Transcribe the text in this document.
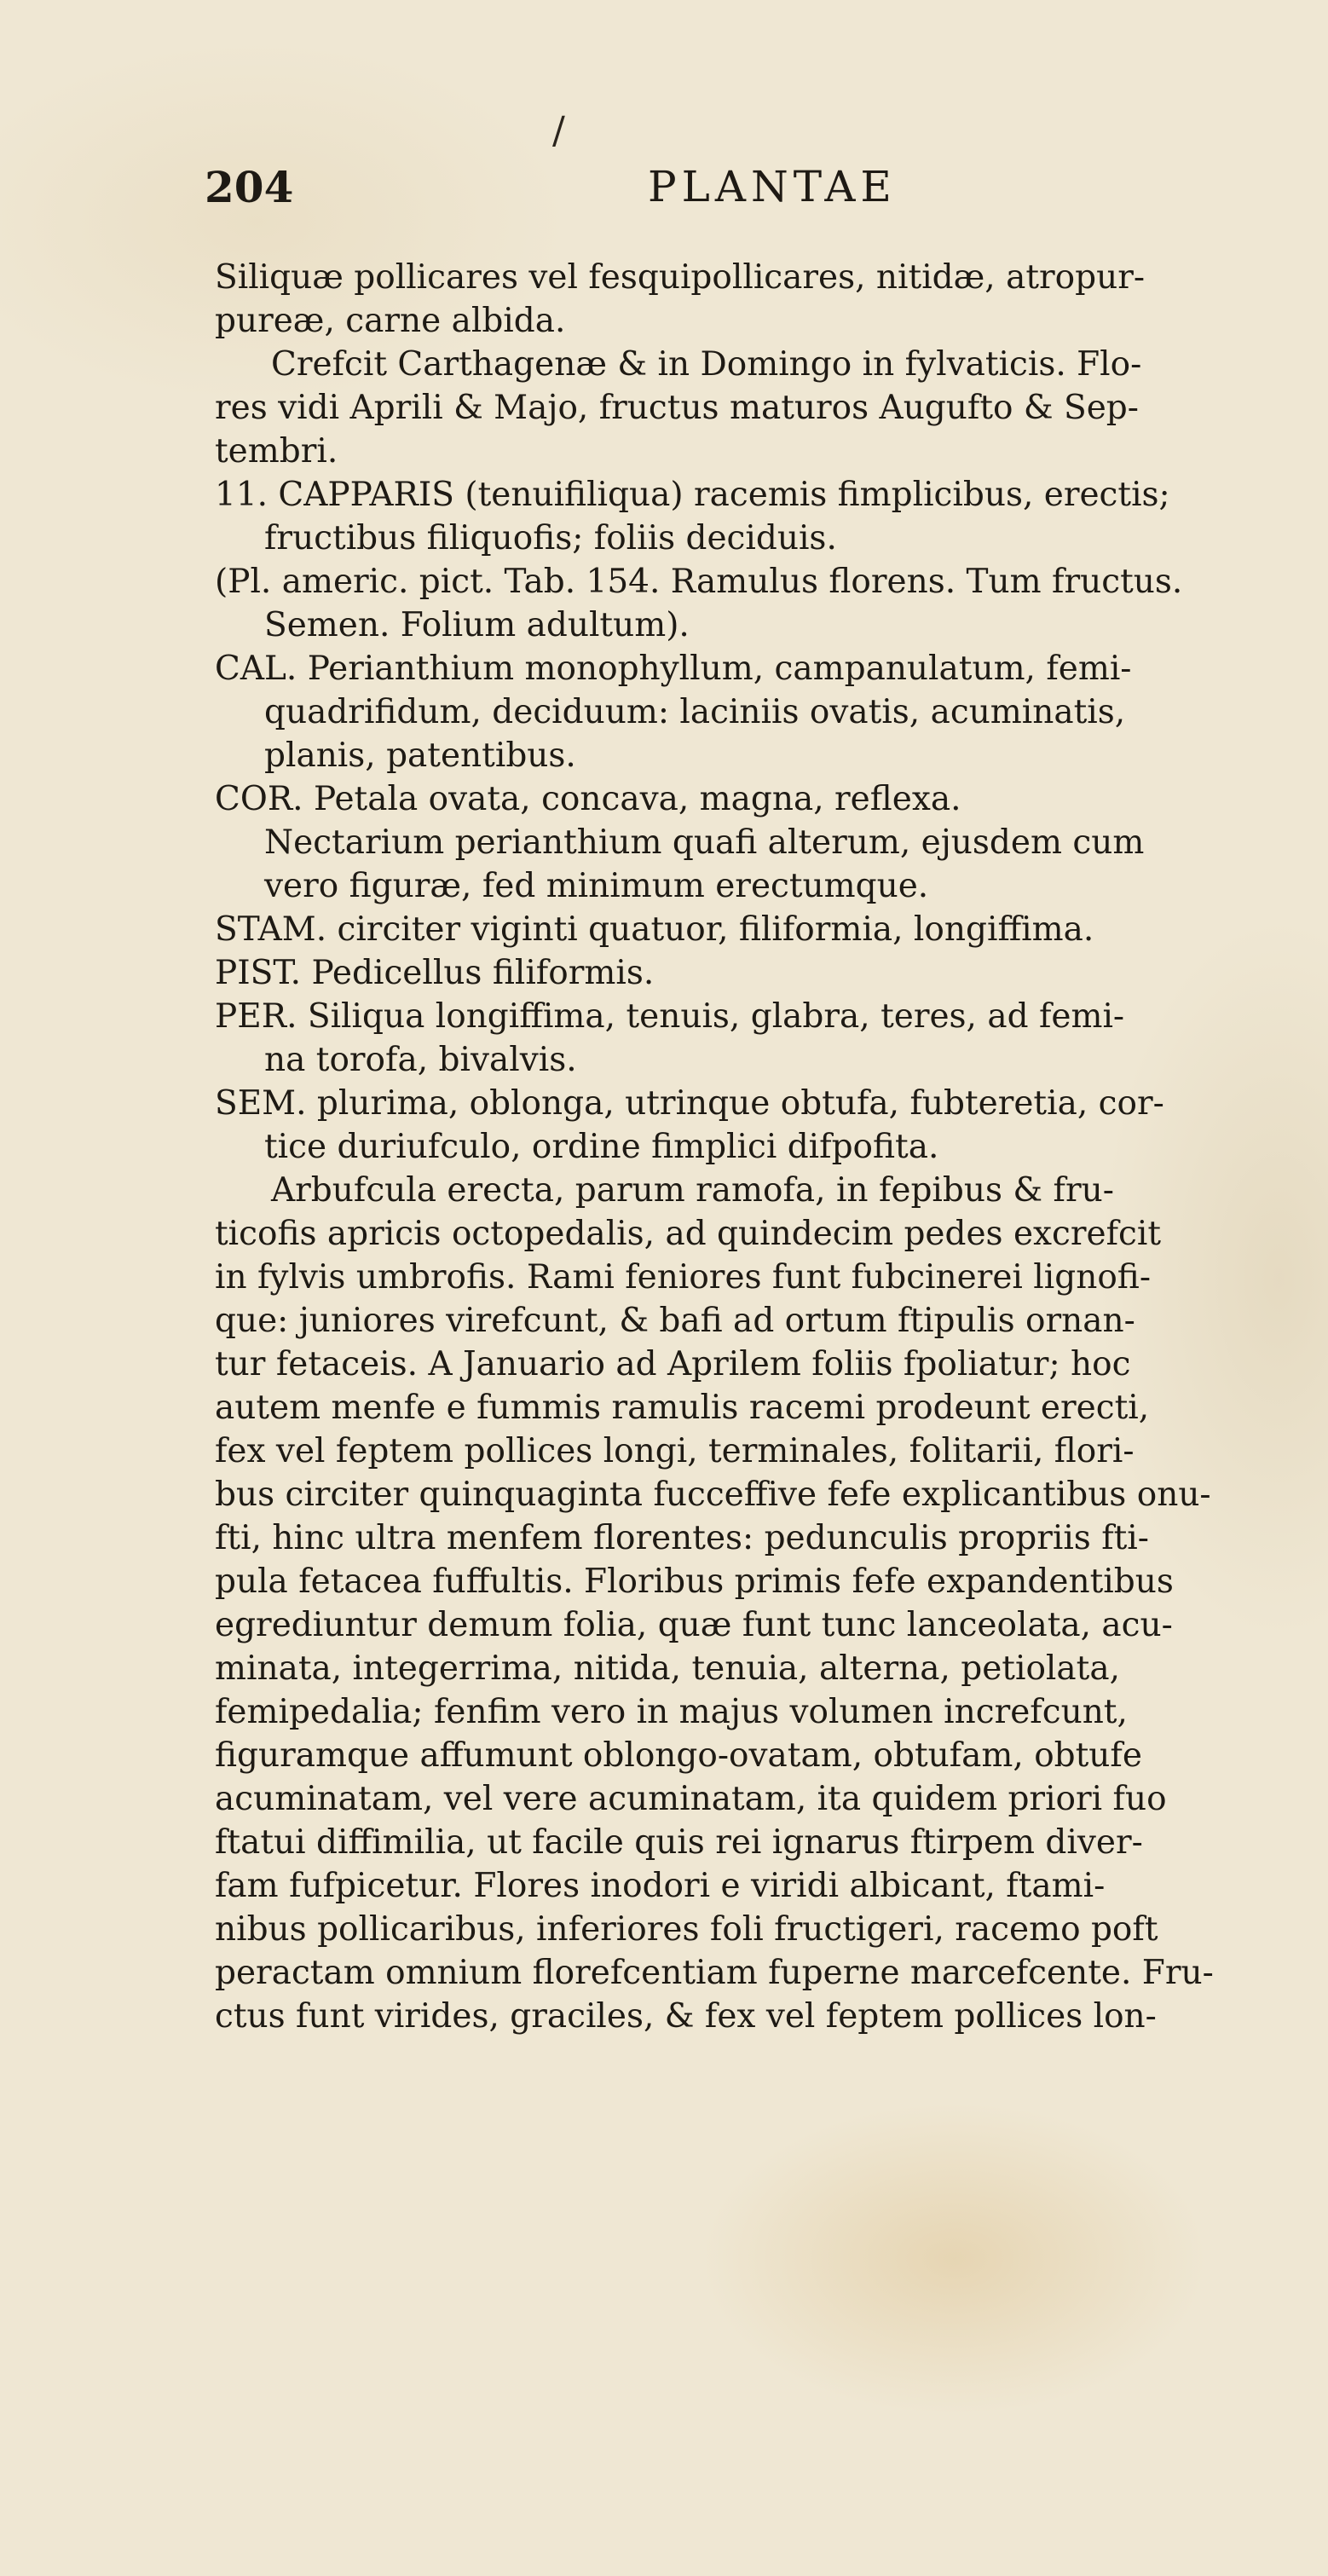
/
204	PLANTAE
Siliquæ pollicares vel fesquipollicares, nitidæ, atropur-
pureæ, carne albida.
Crefcit Carthagenæ & in Domingo in fylvaticis. Flo-
res vidi Aprili & Majo, fructus maturos Augufto & Sep-
tembri.
11. CAPPARIS (tenuifiliqua) racemis fimplicibus, erectis;
fructibus filiquofis; foliis deciduis.
(Pl. americ. pict. Tab. 154. Ramulus florens. Tum fructus.
Semen. Folium adultum).
CAL. Perianthium monophyllum, campanulatum, femi-
quadrifidum, deciduum: laciniis ovatis, acuminatis,
planis, patentibus.
COR. Petala ovata, concava, magna, reflexa.
Nectarium perianthium quafi alterum, ejusdem cum
vero figuræ, fed minimum erectumque.
STAM. circiter viginti quatuor, filiformia, longiffima.
PIST. Pedicellus filiformis.
PER. Siliqua longiffima, tenuis, glabra, teres, ad femi-
na torofa, bivalvis.
SEM. plurima, oblonga, utrinque obtufa, fubteretia, cor-
tice duriufculo, ordine fimplici difpofita.
Arbufcula erecta, parum ramofa, in fepibus & fru-
ticofis apricis octopedalis, ad quindecim pedes excrefcit
in fylvis umbrofis. Rami feniores funt fubcinerei lignofi-
que: juniores virefcunt, & bafi ad ortum ftipulis ornan-
tur fetaceis. A Januario ad Aprilem foliis fpoliatur; hoc
autem menfe e fummis ramulis racemi prodeunt erecti,
fex vel feptem pollices longi, terminales, folitarii, flori-
bus circiter quinquaginta fucceffive fefe explicantibus onu-
fti, hinc ultra menfem florentes: pedunculis propriis fti-
pula fetacea fuffultis. Floribus primis fefe expandentibus
egrediuntur demum folia, quæ funt tunc lanceolata, acu-
minata, integerrima, nitida, tenuia, alterna, petiolata,
femipedalia; fenfim vero in majus volumen increfcunt,
figuramque affumunt oblongo-ovatam, obtufam, obtufe
acuminatam, vel vere acuminatam, ita quidem priori fuo
ftatui diffimilia, ut facile quis rei ignarus ftirpem diver-
fam fufpicetur. Flores inodori e viridi albicant, ftami-
nibus pollicaribus, inferiores foli fructigeri, racemo poft
peractam omnium florefcentiam fuperne marcefcente. Fru-
ctus funt virides, graciles, & fex vel feptem pollices lon-
